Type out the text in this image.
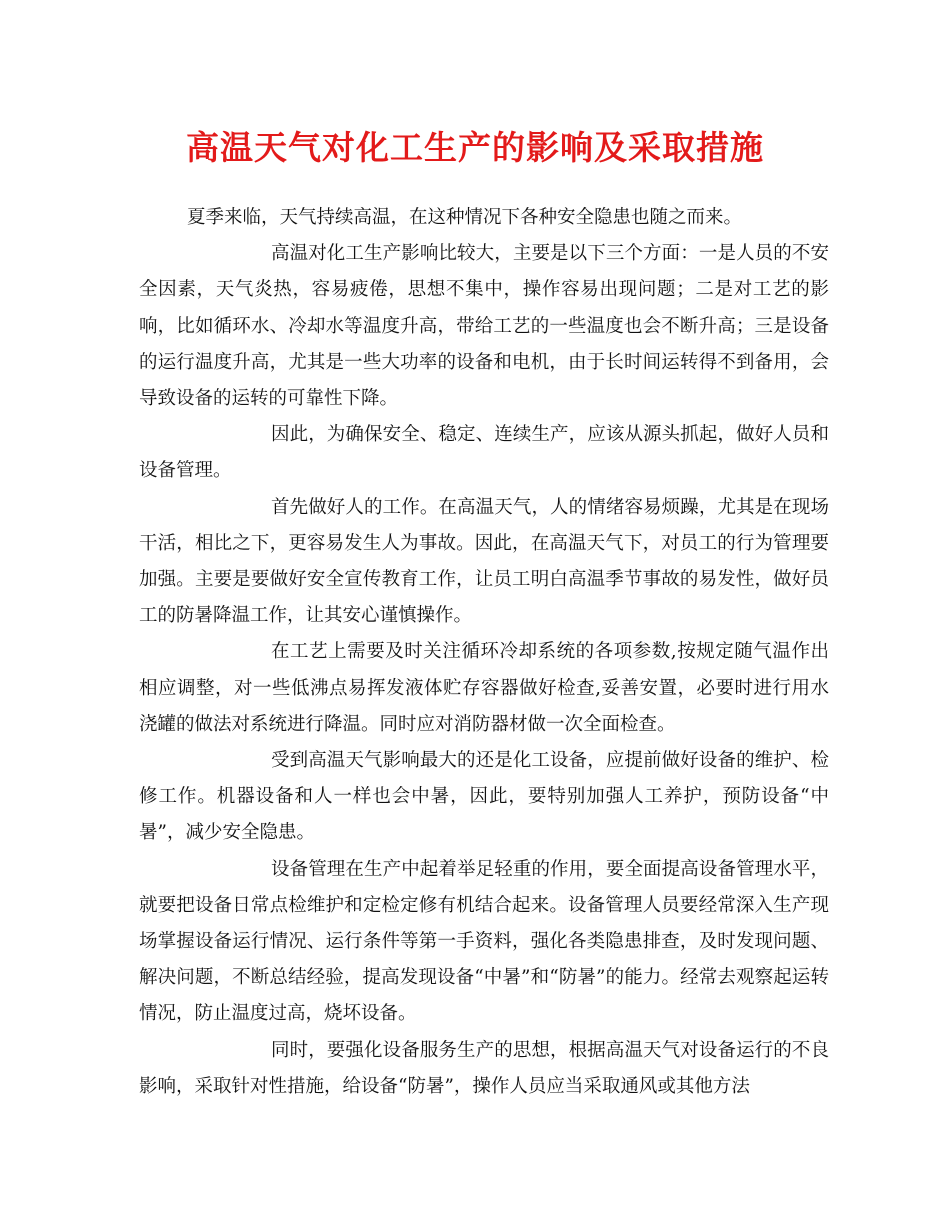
高温天气对化工生产的影响及采取措施

夏季来临，天气持续高温，在这种情况下各种安全隐患也随之而来。

高温对化工生产影响比较大，主要是以下三个方面：一是人员的不安全因素，天气炎热，容易疲倦，思想不集中，操作容易出现问题；二是对工艺的影响，比如循环水、冷却水等温度升高，带给工艺的一些温度也会不断升高；三是设备的运行温度升高，尤其是一些大功率的设备和电机，由于长时间运转得不到备用，会导致设备的运转的可靠性下降。

因此，为确保安全、稳定、连续生产，应该从源头抓起，做好人员和设备管理。

首先做好人的工作。在高温天气，人的情绪容易烦躁，尤其是在现场干活，相比之下，更容易发生人为事故。因此，在高温天气下，对员工的行为管理要加强。主要是要做好安全宣传教育工作，让员工明白高温季节事故的易发性，做好员工的防暑降温工作，让其安心谨慎操作。

在工艺上需要及时关注循环冷却系统的各项参数,按规定随气温作出相应调整，对一些低沸点易挥发液体贮存容器做好检查,妥善安置，必要时进行用水浇罐的做法对系统进行降温。同时应对消防器材做一次全面检查。

受到高温天气影响最大的还是化工设备，应提前做好设备的维护、检修工作。机器设备和人一样也会中暑，因此，要特别加强人工养护，预防设备“中暑”，减少安全隐患。

设备管理在生产中起着举足轻重的作用，要全面提高设备管理水平，就要把设备日常点检维护和定检定修有机结合起来。设备管理人员要经常深入生产现场掌握设备运行情况、运行条件等第一手资料，强化各类隐患排查，及时发现问题、解决问题，不断总结经验，提高发现设备“中暑”和“防暑”的能力。经常去观察起运转情况，防止温度过高，烧坏设备。

同时，要强化设备服务生产的思想，根据高温天气对设备运行的不良影响，采取针对性措施，给设备“防暑”，操作人员应当采取通风或其他方法
